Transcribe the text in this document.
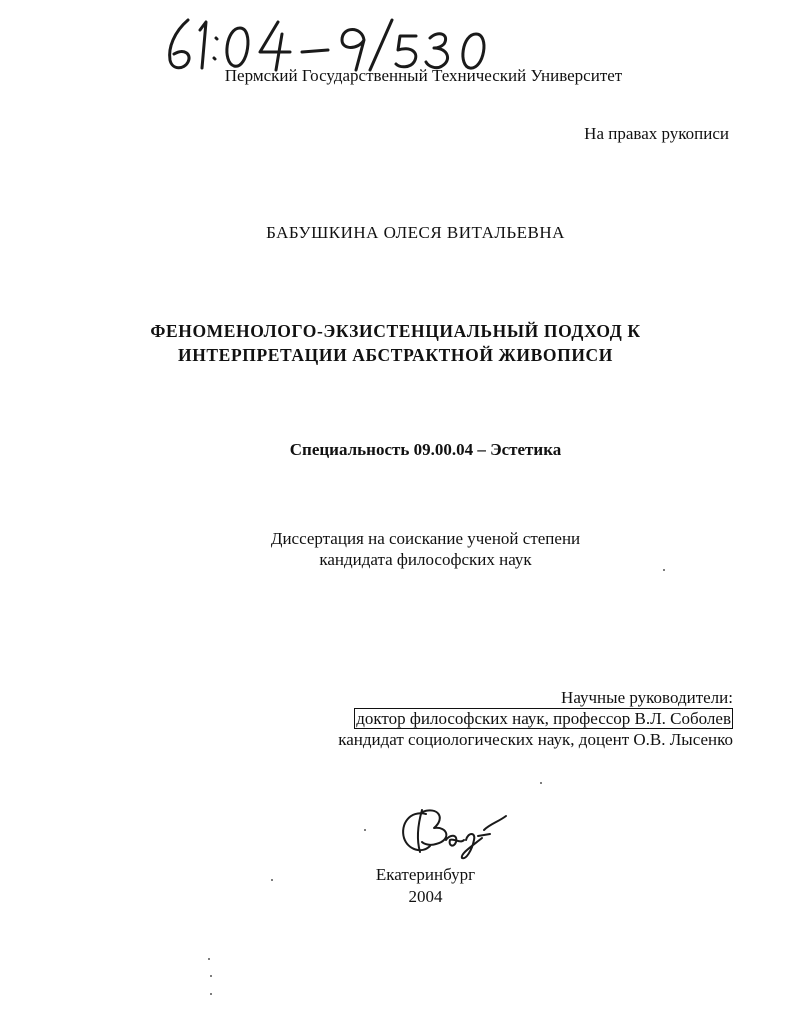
Пермский Государственный Технический Университет
На правах рукописи
БАБУШКИНА ОЛЕСЯ ВИТАЛЬЕВНА
ФЕНОМЕНОЛОГО-ЭКЗИСТЕНЦИАЛЬНЫЙ ПОДХОД К
ИНТЕРПРЕТАЦИИ АБСТРАКТНОЙ ЖИВОПИСИ
Специальность 09.00.04 – Эстетика
Диссертация на соискание ученой степени
кандидата философских наук
Научные руководители:
доктор философских наук, профессор В.Л. Соболев
кандидат социологических наук, доцент О.В. Лысенко
Екатеринбург
2004
